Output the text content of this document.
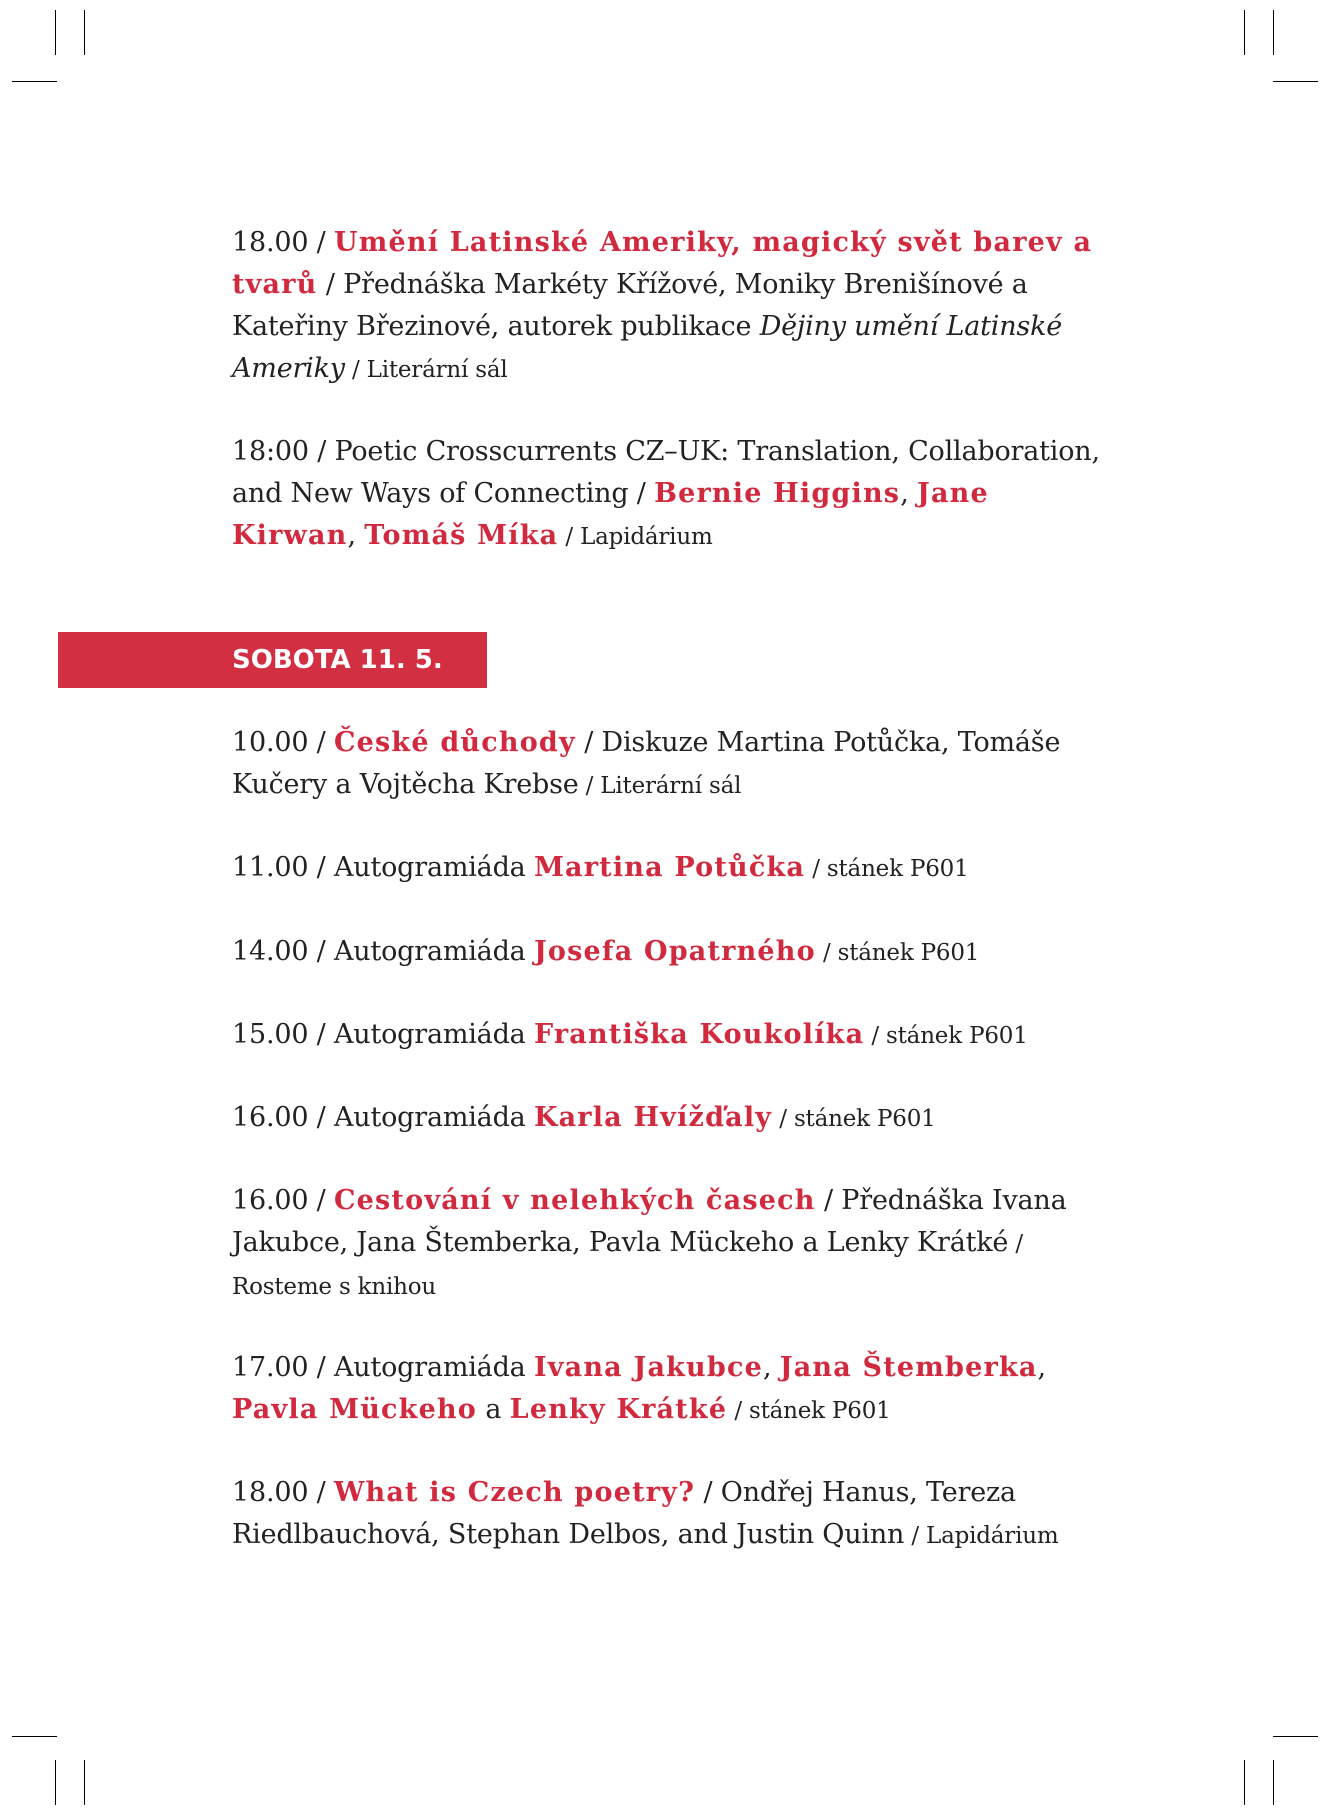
18.00 / Umění Latinské Ameriky, magický svět barev a tvarů / Přednáška Markéty Křížové, Moniky Brenišínové a Kateřiny Březinové, autorek publikace Dějiny umění Latinské Ameriky / Literární sál
18:00 / Poetic Crosscurrents CZ–UK: Translation, Collaboration, and New Ways of Connecting / Bernie Higgins, Jane Kirwan, Tomáš Míka / Lapidárium
10.00 / České důchody / Diskuze Martina Potůčka, Tomáše Kučery a Vojtěcha Krebse / Literární sál
11.00 / Autogramiáda Martina Potůčka / stánek P601
14.00 / Autogramiáda Josefa Opatrného / stánek P601
15.00 / Autogramiáda Františka Koukolíka / stánek P601
16.00 / Autogramiáda Karla Hvížďaly / stánek P601
16.00 / Cestování v nelehkých časech / Přednáška Ivana Jakubce, Jana Štemberka, Pavla Mückeho a Lenky Krátké / Rosteme s knihou
17.00 / Autogramiáda Ivana Jakubce, Jana Štemberka, Pavla Mückeho a Lenky Krátké / stánek P601
18.00 / What is Czech poetry? / Ondřej Hanus, Tereza Riedlbauchová, Stephan Delbos, and Justin Quinn / Lapidárium
SOBOTA 11. 5.
